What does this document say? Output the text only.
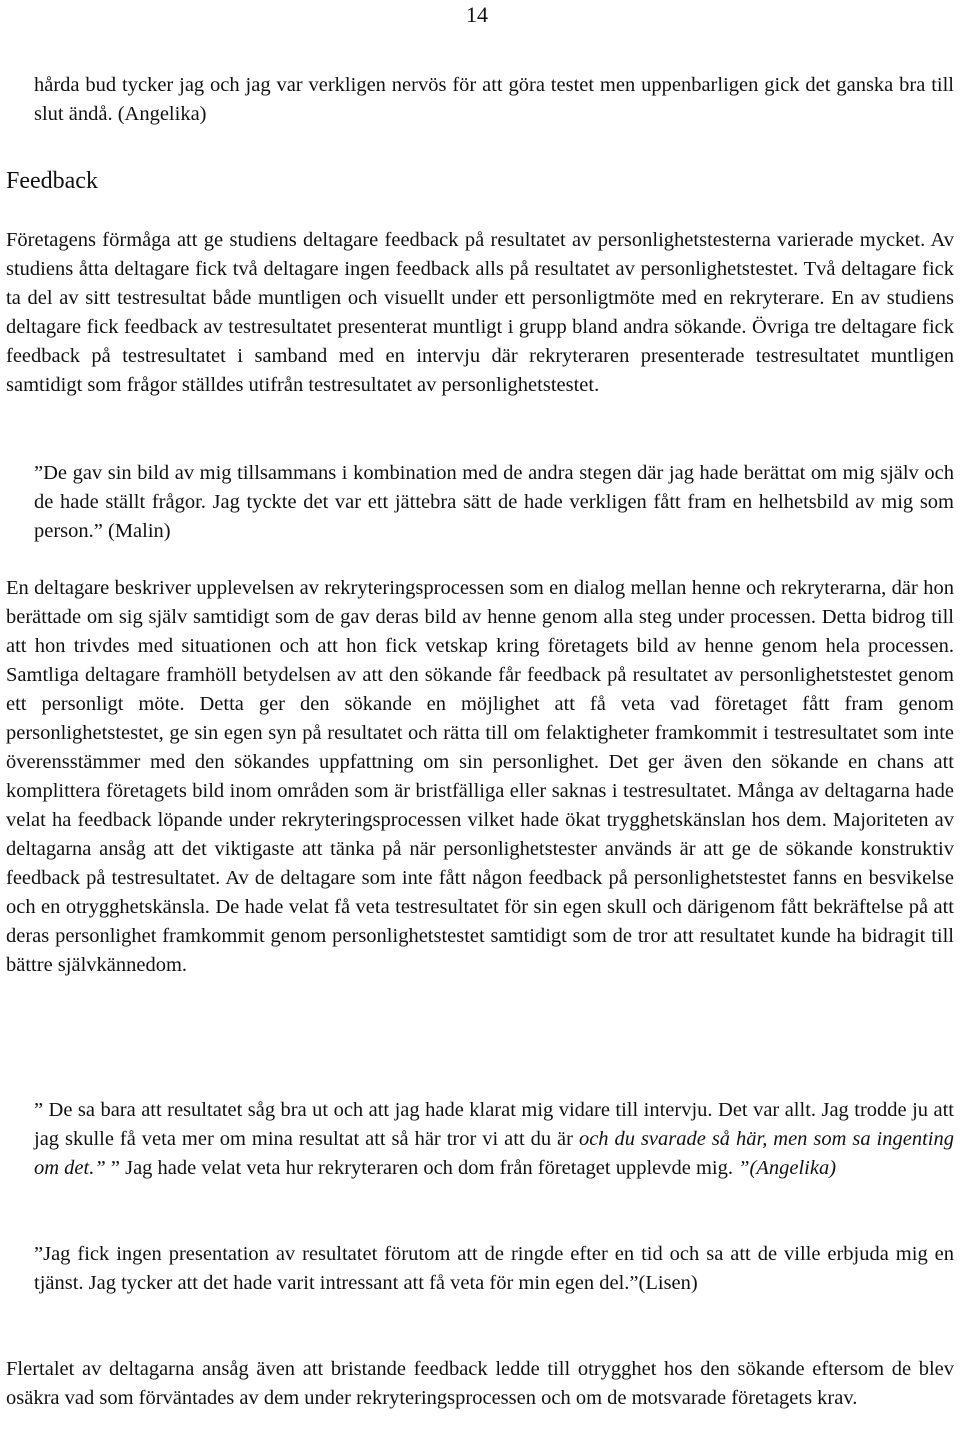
14

hårda bud tycker jag och jag var verkligen nervös för att göra testet men uppenbarligen gick det ganska bra till slut ändå. (Angelika)

Feedback

Företagens förmåga att ge studiens deltagare feedback på resultatet av personlighetstesterna varierade mycket. Av studiens åtta deltagare fick två deltagare ingen feedback alls på resultatet av personlighetstestet. Två deltagare fick ta del av sitt testresultat både muntligen och visuellt under ett personligtmöte med en rekryterare. En av studiens deltagare fick feedback av testresultatet presenterat muntligt i grupp bland andra sökande. Övriga tre deltagare fick feedback på testresultatet i samband med en intervju där rekryteraren presenterade testresultatet muntligen samtidigt som frågor ställdes utifrån testresultatet av personlighetstestet.

”De gav sin bild av mig tillsammans i kombination med de andra stegen där jag hade berättat om mig själv och de hade ställt frågor. Jag tyckte det var ett jättebra sätt de hade verkligen fått fram en helhetsbild av mig som person.” (Malin)

En deltagare beskriver upplevelsen av rekryteringsprocessen som en dialog mellan henne och rekryterarna, där hon berättade om sig själv samtidigt som de gav deras bild av henne genom alla steg under processen. Detta bidrog till att hon trivdes med situationen och att hon fick vetskap kring företagets bild av henne genom hela processen. Samtliga deltagare framhöll betydelsen av att den sökande får feedback på resultatet av personlighetstestet genom ett personligt möte. Detta ger den sökande en möjlighet att få veta vad företaget fått fram genom personlighetstestet, ge sin egen syn på resultatet och rätta till om felaktigheter framkommit i testresultatet som inte överensstämmer med den sökandes uppfattning om sin personlighet. Det ger även den sökande en chans att komplittera företagets bild inom områden som är bristfälliga eller saknas i testresultatet. Många av deltagarna hade velat ha feedback löpande under rekryteringsprocessen vilket hade ökat trygghetskänslan hos dem. Majoriteten av deltagarna ansåg att det viktigaste att tänka på när personlighetstester används är att ge de sökande konstruktiv feedback på testresultatet. Av de deltagare som inte fått någon feedback på personlighetstestet fanns en besvikelse och en otrygghetskänsla. De hade velat få veta testresultatet för sin egen skull och därigenom fått bekräftelse på att deras personlighet framkommit genom personlighetstestet samtidigt som de tror att resultatet kunde ha bidragit till bättre självkännedom.

” De sa bara att resultatet såg bra ut och att jag hade klarat mig vidare till intervju. Det var allt. Jag trodde ju att jag skulle få veta mer om mina resultat att så här tror vi att du är och du svarade så här, men som sa ingenting om det.” ” Jag hade velat veta hur rekryteraren och dom från företaget upplevde mig. ”(Angelika)

”Jag fick ingen presentation av resultatet förutom att de ringde efter en tid och sa att de ville erbjuda mig en tjänst. Jag tycker att det hade varit intressant att få veta för min egen del.”(Lisen)

Flertalet av deltagarna ansåg även att bristande feedback ledde till otrygghet hos den sökande eftersom de blev osäkra vad som förväntades av dem under rekryteringsprocessen och om de motsvarade företagets krav.
